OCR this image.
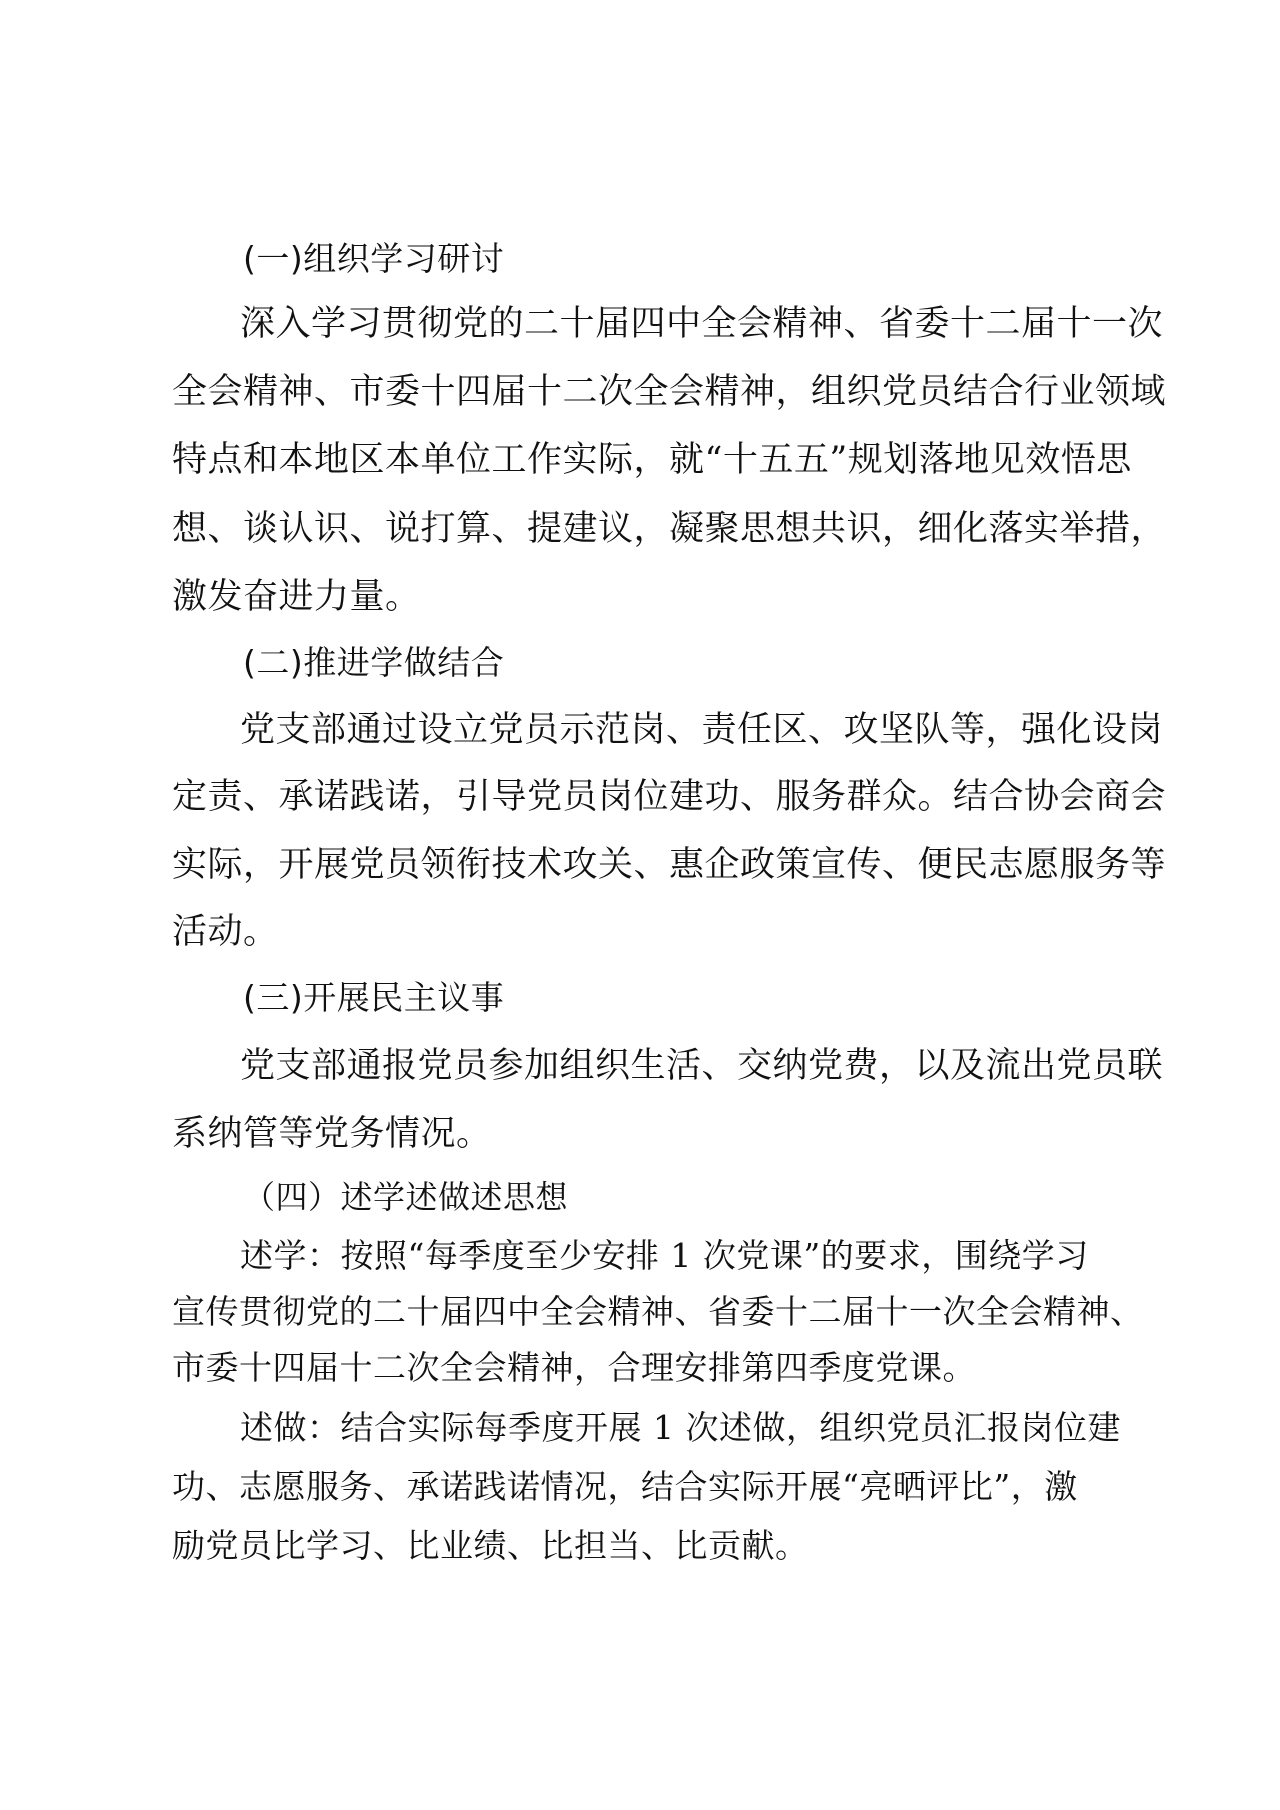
(一)组织学习研讨
深入学习贯彻党的二十届四中全会精神、省委十二届十一次
全会精神、市委十四届十二次全会精神，组织党员结合行业领域
特点和本地区本单位工作实际，就“十五五”规划落地见效悟思
想、谈认识、说打算、提建议，凝聚思想共识，细化落实举措，
激发奋进力量。
(二)推进学做结合
党支部通过设立党员示范岗、责任区、攻坚队等，强化设岗
定责、承诺践诺，引导党员岗位建功、服务群众。结合协会商会
实际，开展党员领衔技术攻关、惠企政策宣传、便民志愿服务等
活动。
(三)开展民主议事
党支部通报党员参加组织生活、交纳党费，以及流出党员联
系纳管等党务情况。
（四）述学述做述思想
述学：按照“每季度至少安排 1 次党课”的要求，围绕学习
宣传贯彻党的二十届四中全会精神、省委十二届十一次全会精神、
市委十四届十二次全会精神，合理安排第四季度党课。
述做：结合实际每季度开展 1 次述做，组织党员汇报岗位建
功、志愿服务、承诺践诺情况，结合实际开展“亮晒评比”，激
励党员比学习、比业绩、比担当、比贡献。
